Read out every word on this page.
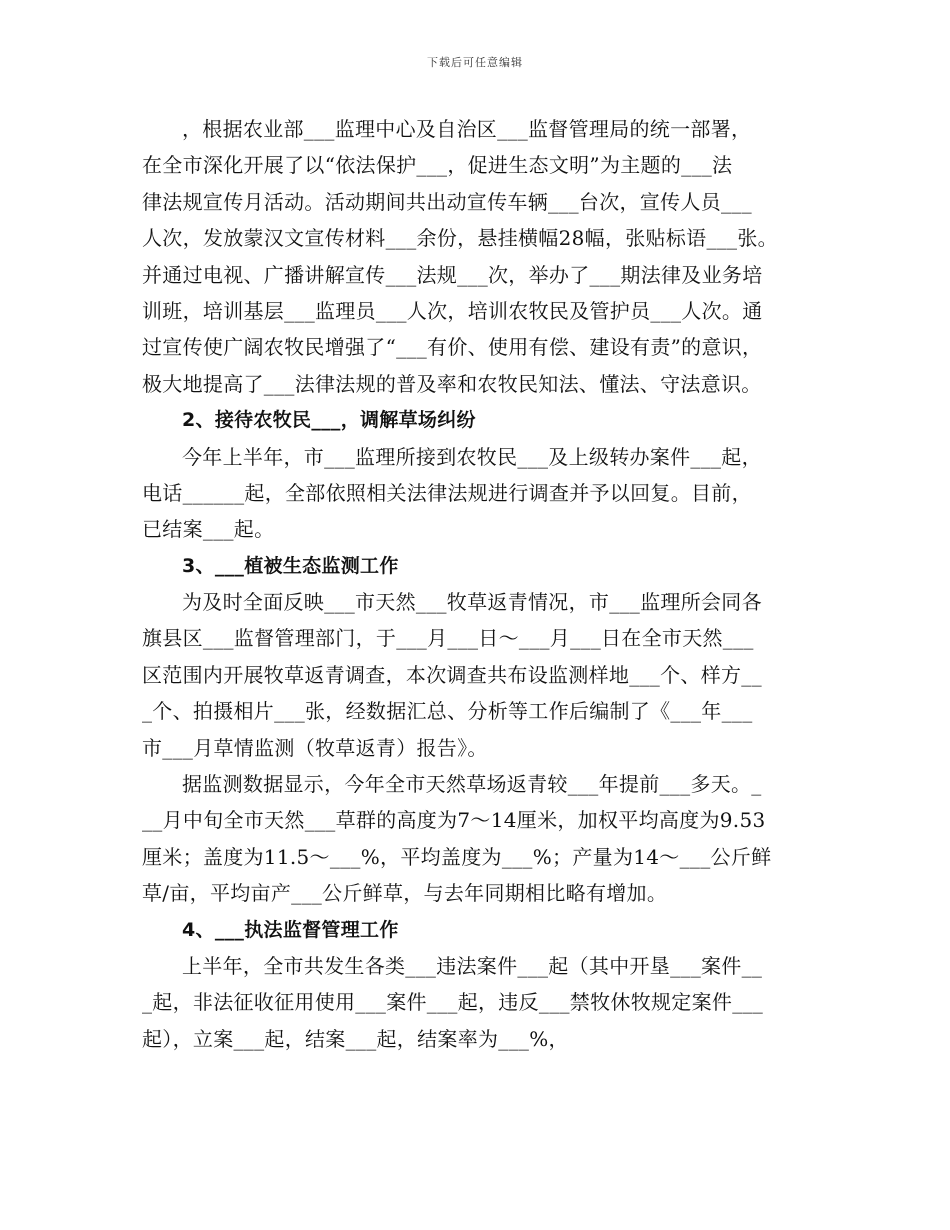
下载后可任意编辑
，根据农业部___监理中心及自治区___监督管理局的统一部署，
在全市深化开展了以“依法保护___，促进生态文明”为主题的___法
律法规宣传月活动。活动期间共出动宣传车辆___台次，宣传人员___
人次，发放蒙汉文宣传材料___余份，悬挂横幅28幅，张贴标语___张。
并通过电视、广播讲解宣传___法规___次，举办了___期法律及业务培
训班，培训基层___监理员___人次，培训农牧民及管护员___人次。通
过宣传使广阔农牧民增强了“___有价、使用有偿、建设有责”的意识，
极大地提高了___法律法规的普及率和农牧民知法、懂法、守法意识。
2、接待农牧民___，调解草场纠纷
今年上半年，市___监理所接到农牧民___及上级转办案件___起，
电话______起，全部依照相关法律法规进行调查并予以回复。目前，
已结案___起。
3、___植被生态监测工作
为及时全面反映___市天然___牧草返青情况，市___监理所会同各
旗县区___监督管理部门，于___月___日～___月___日在全市天然___
区范围内开展牧草返青调查，本次调查共布设监测样地___个、样方__
_个、拍摄相片___张，经数据汇总、分析等工作后编制了《___年___
市___月草情监测（牧草返青）报告》。
据监测数据显示，今年全市天然草场返青较___年提前___多天。_
__月中旬全市天然___草群的高度为7～14厘米，加权平均高度为9.53
厘米；盖度为11.5～___%，平均盖度为___%；产量为14～___公斤鲜
草/亩，平均亩产___公斤鲜草，与去年同期相比略有增加。
4、___执法监督管理工作
上半年，全市共发生各类___违法案件___起（其中开垦___案件__
_起，非法征收征用使用___案件___起，违反___禁牧休牧规定案件___
起），立案___起，结案___起，结案率为___%，
